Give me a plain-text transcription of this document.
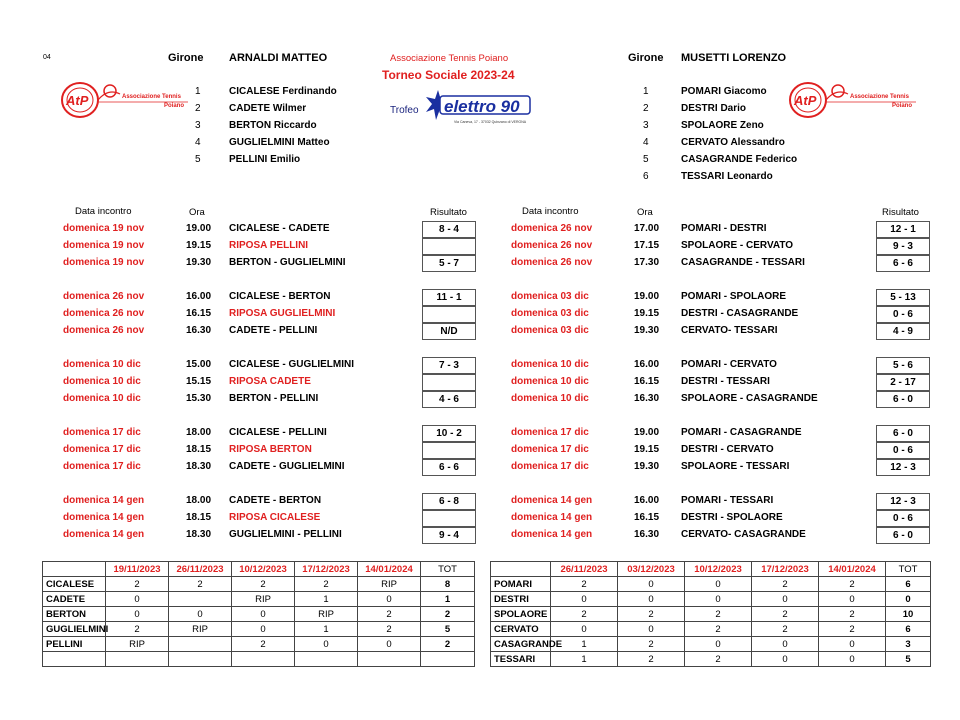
04	Girone ARNALDI MATTEO
AtP	Associazione Tennis
Poiano
1	CICALESE Ferdinando
2	CADETE Wilmer
3	BERTON Riccardo
4	GUGLIELMINI Matteo
5	PELLINI Emilio
Associazione Tennis Poiano
Torneo Sociale 2023-24
Trofeo elettro 90
Via Caneva, 17 - 37032 Quinzano di VERONA
Girone MUSETTI LORENZO
AtP	Associazione Tennis
Poiano
1	POMARI Giacomo
2	DESTRI Dario
3	SPOLAORE Zeno
4	CERVATO Alessandro
5	CASAGRANDE Federico
6	TESSARI Leonardo
Data incontro	Ora	Risultato	Data incontro	Ora	Risultato
domenica 19 nov	19.00 CICALESE - CADETE	8 - 4
domenica 19 nov	19.15 RIPOSA PELLINI
domenica 19 nov	19.30 BERTON - GUGLIELMINI	5 - 7
domenica 26 nov	16.00 CICALESE - BERTON	11 - 1
domenica 26 nov	16.15 RIPOSA GUGLIELMINI
domenica 26 nov	16.30 CADETE - PELLINI	N/D
domenica 10 dic	15.00 CICALESE - GUGLIELMINI	7 - 3
domenica 10 dic	15.15 RIPOSA CADETE
domenica 10 dic	15.30 BERTON - PELLINI	4 - 6
domenica 17 dic	18.00 CICALESE - PELLINI	10 - 2
domenica 17 dic	18.15 RIPOSA BERTON
domenica 17 dic	18.30 CADETE - GUGLIELMINI	6 - 6
domenica 14 gen	18.00 CADETE - BERTON	6 - 8
domenica 14 gen	18.15 RIPOSA CICALESE
domenica 14 gen	18.30 GUGLIELMINI - PELLINI	9 - 4
domenica 26 nov	17.00 POMARI - DESTRI	12 - 1
domenica 26 nov	17.15 SPOLAORE - CERVATO	9 - 3
domenica 26 nov	17.30 CASAGRANDE - TESSARI	6 - 6
domenica 03 dic	19.00 POMARI - SPOLAORE	5 - 13
domenica 03 dic	19.15 DESTRI - CASAGRANDE	0 - 6
domenica 03 dic	19.30 CERVATO- TESSARI	4 - 9
domenica 10 dic	16.00 POMARI - CERVATO	5 - 6
domenica 10 dic	16.15 DESTRI - TESSARI	2 - 17
domenica 10 dic	16.30 SPOLAORE - CASAGRANDE	6 - 0
domenica 17 dic	19.00 POMARI - CASAGRANDE	6 - 0
domenica 17 dic	19.15 DESTRI - CERVATO	0 - 6
domenica 17 dic	19.30 SPOLAORE - TESSARI	12 - 3
domenica 14 gen	16.00 POMARI - TESSARI	12 - 3
domenica 14 gen	16.15 DESTRI - SPOLAORE	0 - 6
domenica 14 gen	16.30 CERVATO- CASAGRANDE	6 - 0
	19/11/2023	26/11/2023	10/12/2023	17/12/2023	14/01/2024	TOT
CICALESE	2	2	2	2	RIP	8
CADETE	0		RIP	1	0	1
BERTON	0	0	0	RIP	2	2
GUGLIELMINI	2	RIP	0	1	2	5
PELLINI	RIP		2	0	0	2

	26/11/2023	03/12/2023	10/12/2023	17/12/2023	14/01/2024	TOT
POMARI	2	0	0	2	2	6
DESTRI	0	0	0	0	0	0
SPOLAORE	2	2	2	2	2	10
CERVATO	0	0	2	2	2	6
CASAGRANDE	1	2	0	0	0	3
TESSARI	1	2	2	0	0	5
